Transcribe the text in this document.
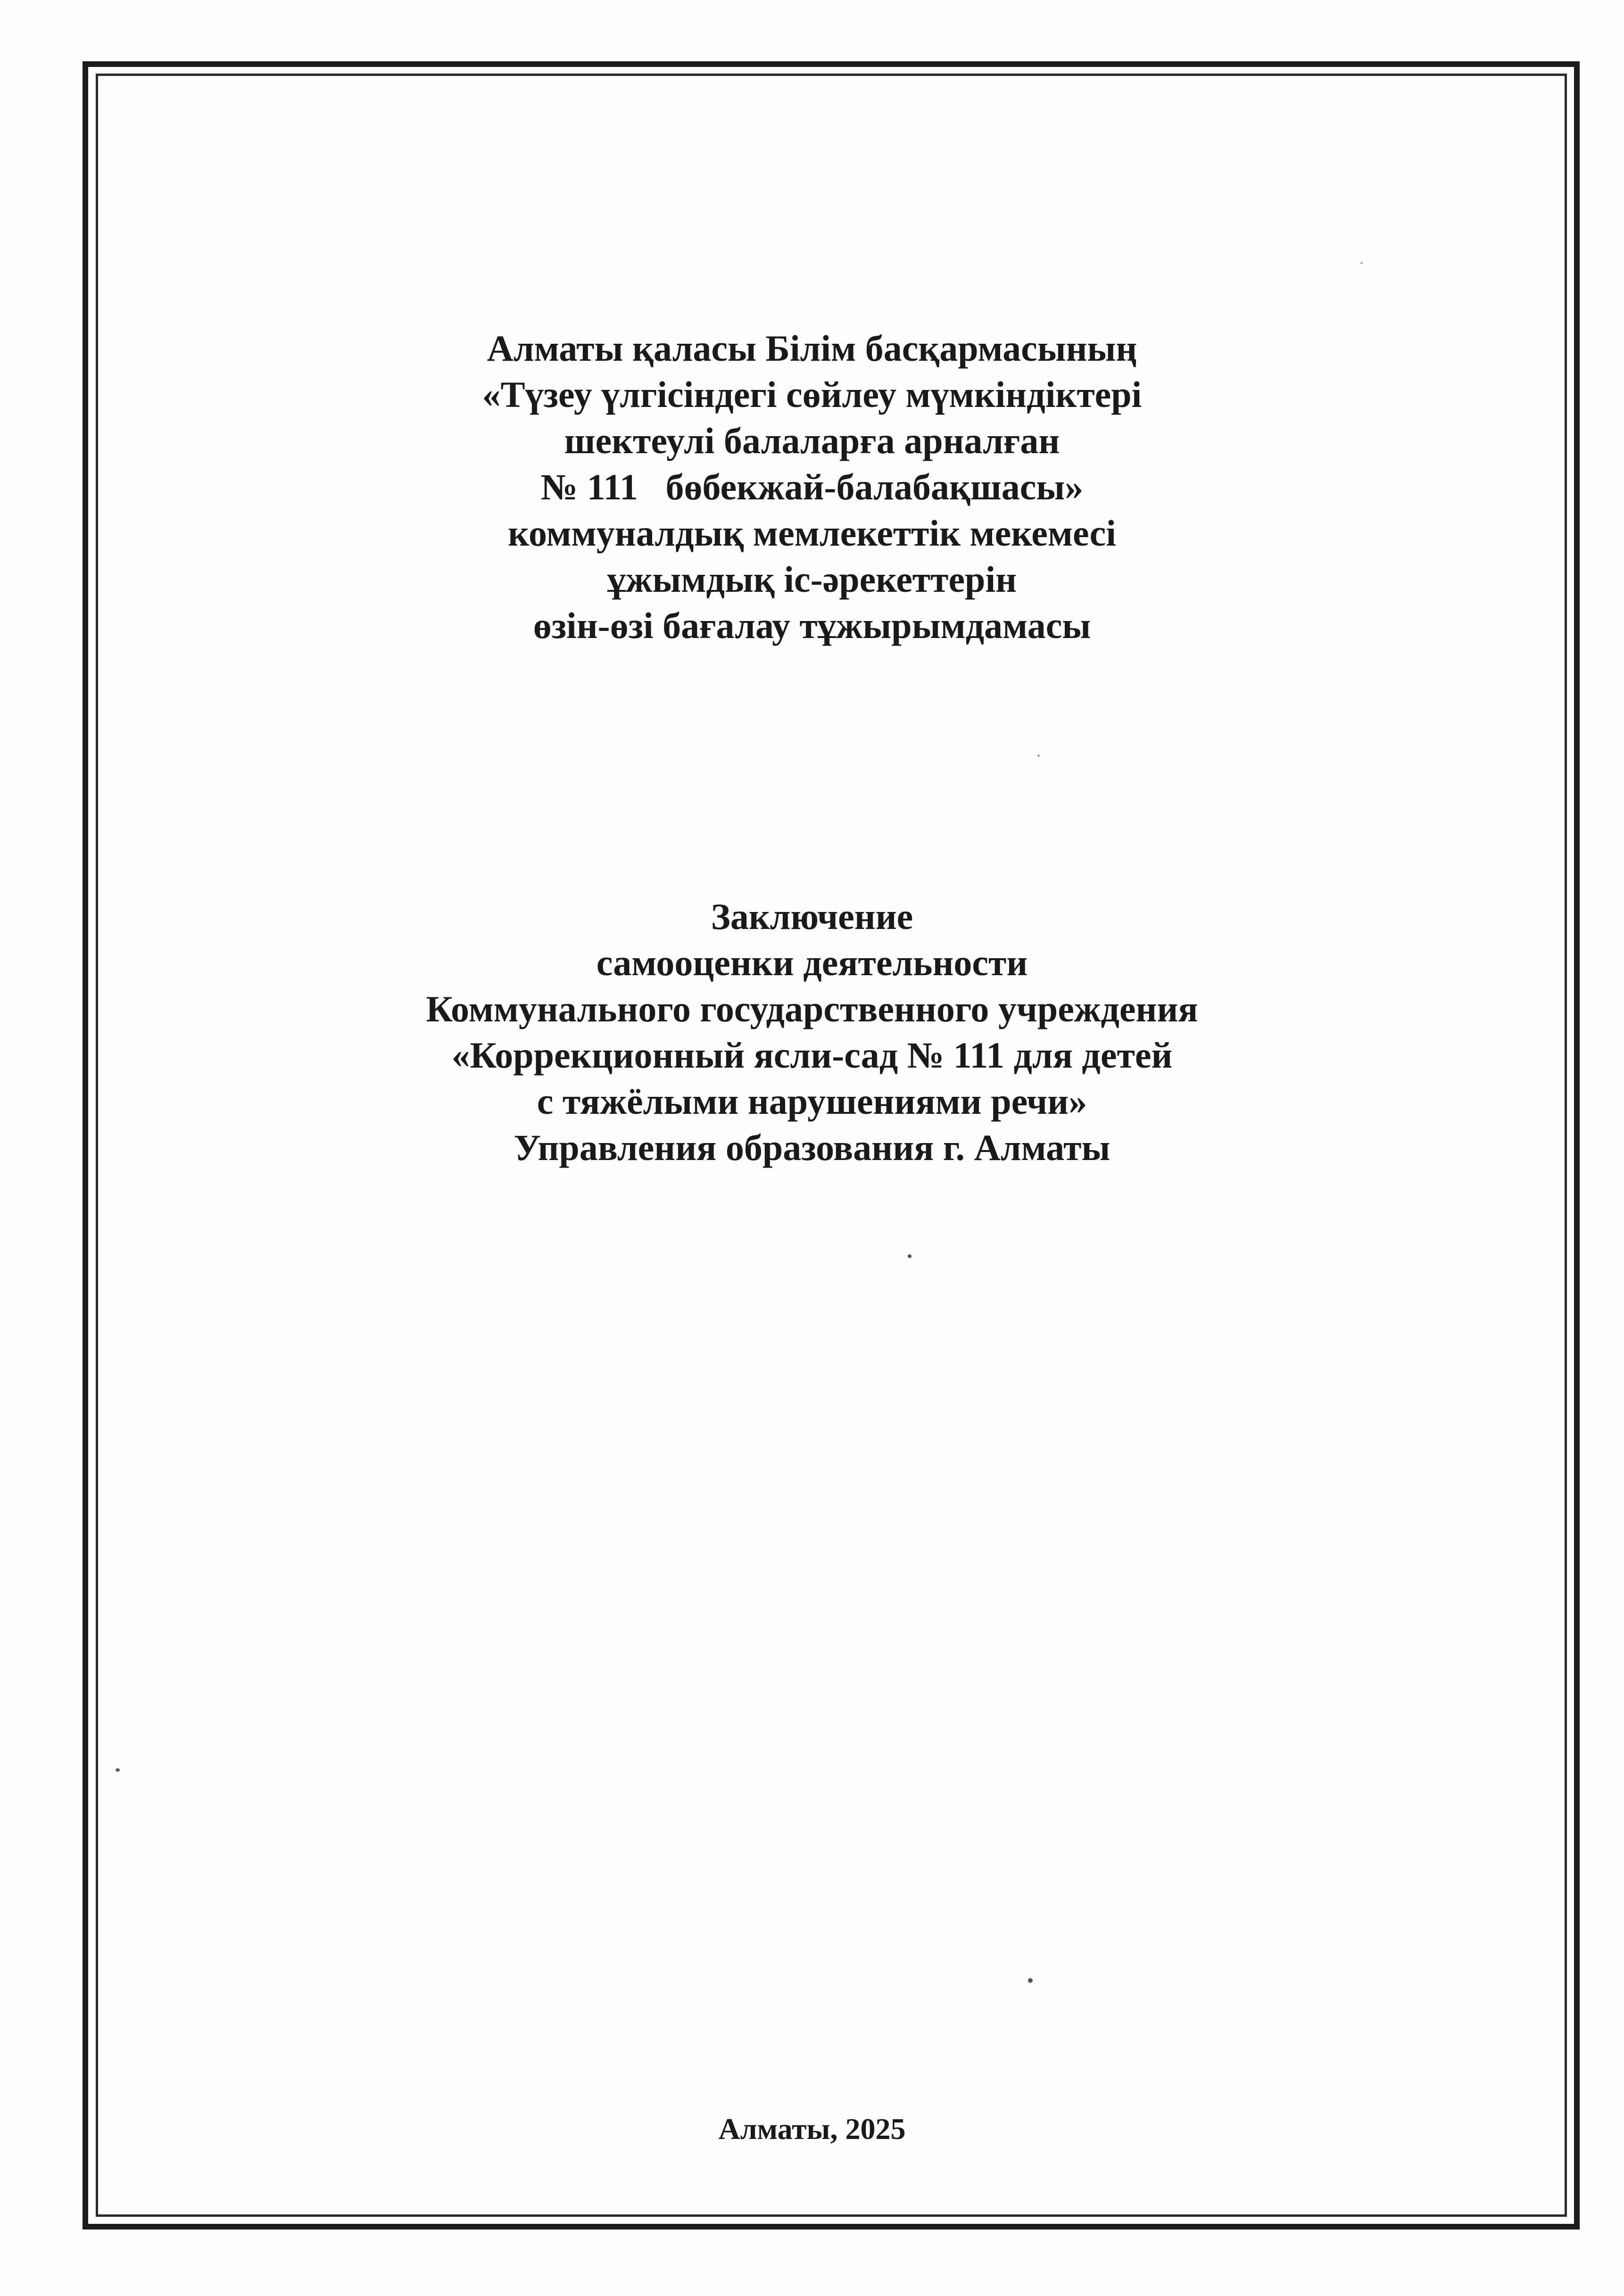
Алматы қаласы Білім басқармасының
«Түзеу үлгісіндегі сөйлеу мүмкіндіктері
шектеулі балаларға арналған
№ 111   бөбекжай-балабақшасы»
коммуналдық мемлекеттік мекемесі
ұжымдық іс-әрекеттерін
өзін-өзі бағалау тұжырымдамасы
Заключение
самооценки деятельности
Коммунального государственного учреждения
«Коррекционный ясли-сад № 111 для детей
с тяжёлыми нарушениями речи»
Управления образования г. Алматы
Алматы, 2025
